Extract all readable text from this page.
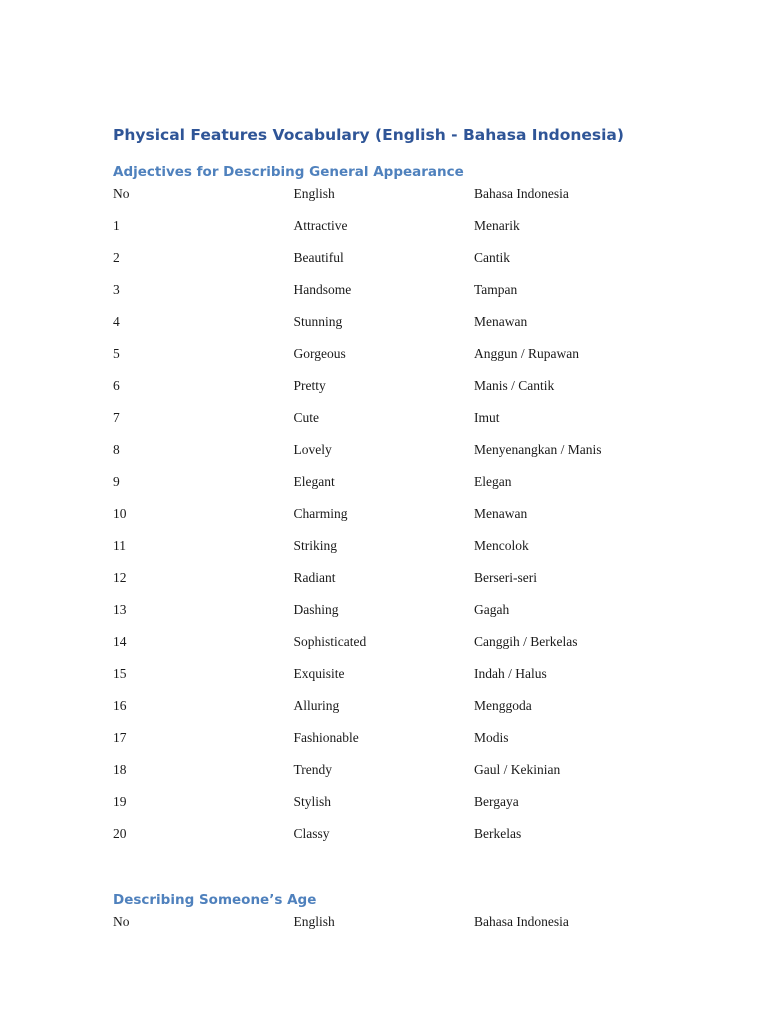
Physical Features Vocabulary (English - Bahasa Indonesia)
Adjectives for Describing General Appearance
No	English	Bahasa Indonesia
1	Attractive	Menarik
2	Beautiful	Cantik
3	Handsome	Tampan
4	Stunning	Menawan
5	Gorgeous	Anggun / Rupawan
6	Pretty	Manis / Cantik
7	Cute	Imut
8	Lovely	Menyenangkan / Manis
9	Elegant	Elegan
10	Charming	Menawan
11	Striking	Mencolok
12	Radiant	Berseri-seri
13	Dashing	Gagah
14	Sophisticated	Canggih / Berkelas
15	Exquisite	Indah / Halus
16	Alluring	Menggoda
17	Fashionable	Modis
18	Trendy	Gaul / Kekinian
19	Stylish	Bergaya
20	Classy	Berkelas
Describing Someone’s Age
No	English	Bahasa Indonesia
